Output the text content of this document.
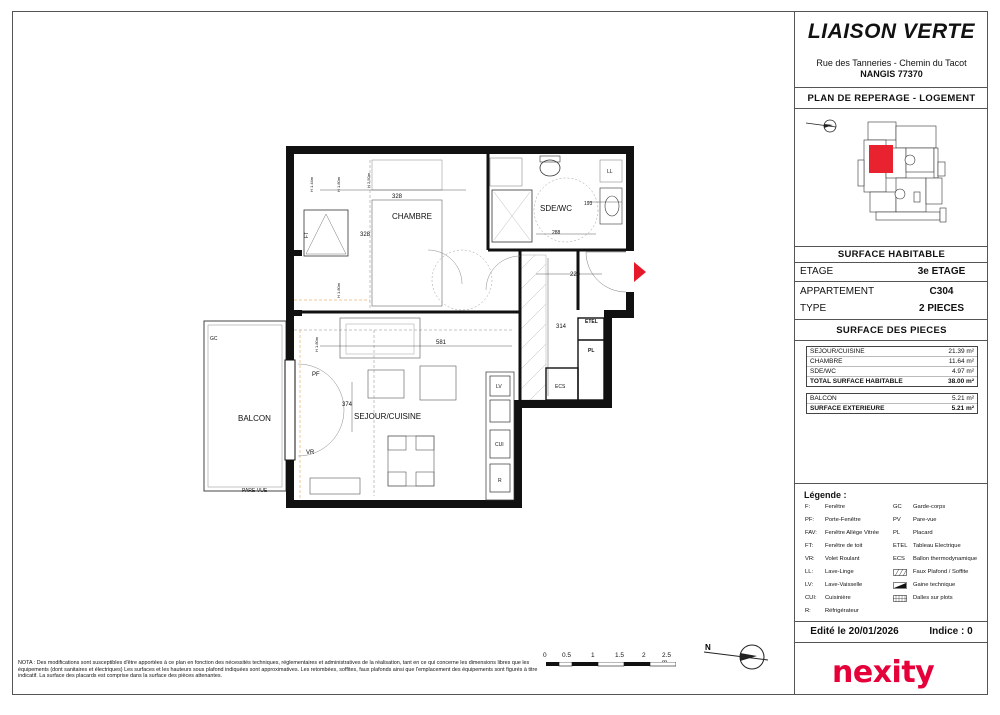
LIAISON VERTE
Rue des Tanneries - Chemin du Tacot
NANGIS 77370
PLAN DE REPERAGE - LOGEMENT
SURFACE HABITABLE
ETAGE	3e ETAGE
APPARTEMENT	C304
TYPE	2 PIECES
SURFACE DES PIECES
SEJOUR/CUISINE	21.39 m²
CHAMBRE	11.64 m²
SDE/WC	4.97 m²
TOTAL SURFACE HABITABLE	38.00 m²
BALCON	5.21 m²
SURFACE EXTERIEURE	5.21 m²
Légende :
F:	Fenêtre
PF:	Porte-Fenêtre
FAV:	Fenêtre Allège Vitrée
FT:	Fenêtre de toit
VR:	Volet Roulant
LL:	Lave-Linge
LV:	Lave-Vaisselle
CUI:	Cuisinière
R:	Réfrigérateur
GC	Garde-corps
PV	Pare-vue
PL	Placard
ETEL Tableau Electrique
ECS	Ballon thermodynamique
Faux Plafond / Soffite
Gaine technique
Dalles sur plots
Edité le 20/01/2026	Indice : 0
nexity
NOTA : Des modifications sont susceptibles d'être apportées à ce plan en fonction des nécessités techniques, réglementaires et administratives de la réalisation, tant en ce qui concerne les dimensions libres que les équipements (dont sanitaires et électriques) Les surfaces et les hauteurs sous plafond indiquées sont approximatives. Les retombées, soffites, faux plafonds ainsi que l'emplacement des équipements sont figurés à titre indicatif. La surface des placards est comprise dans la surface des pièces attenantes.
0 0.5	1	1.5	2	2.5
N
CHAMBRE
SDE/WC
SEJOUR/CUISINE
BALCON
GC
PARE-VUE
FT
PF
VR
LL
LV	ECS
CUI
R
ETEL
PL
328
328
193
288
220
581
314
374
H 1.44m	H 1.80m	H 2.50m
H 1.80m
H 1.80m
